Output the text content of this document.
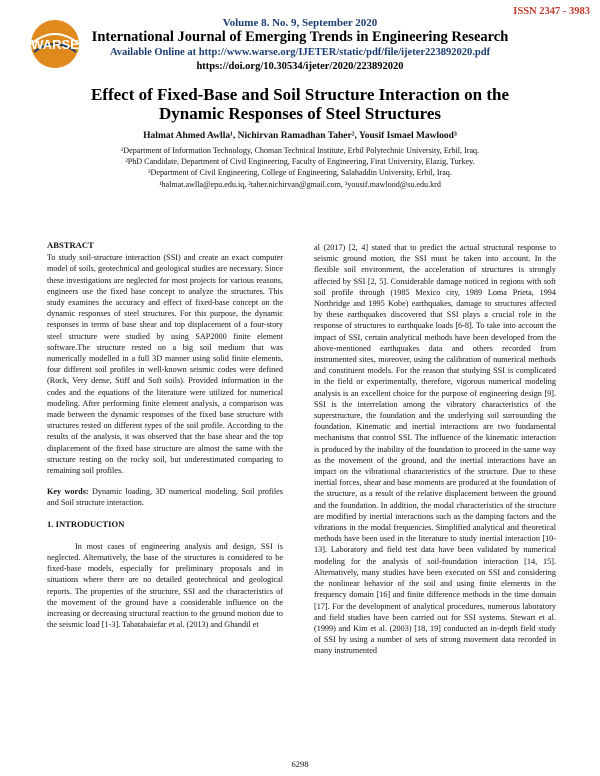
WARSE
ISSN 2347 - 3983
Volume 8. No. 9, September 2020
International Journal of Emerging Trends in Engineering Research
Available Online at http://www.warse.org/IJETER/static/pdf/file/ijeter223892020.pdf
https://doi.org/10.30534/ijeter/2020/223892020
Effect of Fixed-Base and Soil Structure Interaction on the
Dynamic Responses of Steel Structures
Halmat Ahmed Awlla¹, Nichirvan Ramadhan Taher², Yousif Ismael Mawlood³
¹Department of Information Technology, Choman Technical Institute, Erbil Polytechnic University, Erbil, Iraq.
²PhD Candidate, Department of Civil Engineering, Faculty of Engineering, Firat University, Elazig, Turkey.
³Department of Civil Engineering, College of Engineering, Salahaddin University, Erbil, Iraq.
¹halmat.awlla@epu.edu.iq, ²taher.nichirvan@gmail.com, ³yousif.mawlood@su.edu.krd
ABSTRACT
To study soil-structure interaction (SSI) and create an exact computer model of soils, geotechnical and geological studies are necessary. Since these investigations are neglected for most projects for various reasons, engineers use the fixed base concept to analyze the structures. This study examines the accuracy and effect of fixed-base concept on the dynamic responses of steel structures. For this purpose, the dynamic responses in terms of base shear and top displacement of a four-story steel structure were studied by using SAP2000 finite element software.The structure rested on a big soil medium that was numerically modelled in a full 3D manner using solid finite elements, four different soil profiles in well-known seismic codes were defined (Rock, Very dense, Stiff and Soft soils). Provided information in the codes and the equations of the literature were utilized for numerical modeling. After performing finite element analysis, a comparison was made between the dynamic responses of the fixed base structure with structures rested on different types of the soil profile. According to the results of the analysis, it was observed that the base shear and the top displacement of the fixed base structure are almost the same with the structure resting on the rocky soil, but underestimated comparing to remaining soil profiles.
Key words: Dynamic loading, 3D numerical modeling, Soil profiles and Soil structure interaction.
1. INTRODUCTION
In most cases of engineering analysis and design, SSI is neglected. Alternatively, the base of the structures is considered to be fixed-base models, especially for preliminary proposals and in situations where there are no detailed geotechnical and geological reports. The properties of the structure, SSI and the characteristics of the movement of the ground have a considerable influence on the increasing or decreasing structural reaction to the ground motion due to the seismic load [1-3]. Tabatabaiefar et al. (2013) and Ghandil et
al (2017) [2, 4] stated that to predict the actual structural response to seismic ground motion, the SSI must be taken into account. In the flexible soil environment, the acceleration of structures is strongly affected by SSI [2, 5]. Considerable damage noticed in regions with soft soil profile through (1985 Mexico city, 1989 Loma Prieta, 1994 Northridge and 1995 Kobe) earthquakes, damage to structures affected by these earthquakes discovered that SSI plays a crucial role in the response of structures to earthquake loads [6-8]. To take into account the impact of SSI, certain analytical methods have been developed from the above-mentioned earthquakes data and others recorded from instrumented sites, moreover, using the calibration of numerical methods and constituent models. For the reason that studying SSI is complicated in the field or experimentally, therefore, vigorous numerical modeling analysis is an excellent choice for the purpose of engineering design [9]. SSI is the interrelation among the vibratory characteristics of the superstructure, the foundation and the underlying soil surrounding the foundation. Kinematic and inertial interactions are two fundamental mechanisms that control SSI. The influence of the kinematic interaction is produced by the inability of the foundation to proceed in the same way as the movement of the ground, and the inertial interactions have an impact on the vibrational characteristics of the structure. Due to these inertial forces, shear and base moments are produced at the foundation of the structure, as a result of the relative displacement between the ground and the foundation. In addition, the modal characteristics of the structure are modified by inertial interactions such as the damping factors and the vibrations in the modal frequencies. Simplified analytical and theoretical methods have been used in the literature to study inertial interaction [10-13]. Laboratory and field test data have been validated by numerical modeling for the analysis of soil-foundation interaction [14, 15]. Alternatively, many studies have been executed on SSI and considering the nonlinear behavior of the soil and using finite elements in the frequency domain [16] and finite difference methods in the time domain [17]. For the development of analytical procedures, numerous laboratory and field studies have been carried out for SSI systems. Stewart et al.(1999) and Kim et al. (2003) [18, 19] conducted an in-depth field study of SSI by using a number of sets of strong movement data recorded in many instrumented
6298
